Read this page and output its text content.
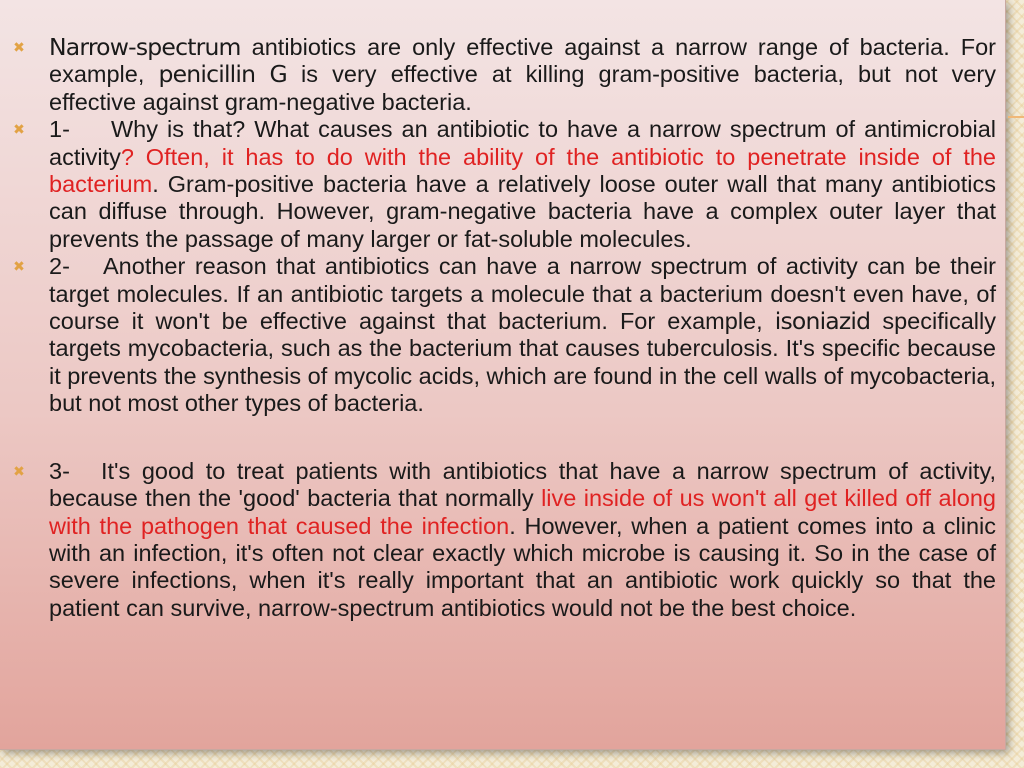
✖ Narrow-spectrum antibiotics are only effective against a narrow range of bacteria. For example, penicillin G is very effective at killing gram-positive bacteria, but not very effective against gram-negative bacteria.
✖ 1- Why is that? What causes an antibiotic to have a narrow spectrum of antimicrobial activity? Often, it has to do with the ability of the antibiotic to penetrate inside of the bacterium. Gram-positive bacteria have a relatively loose outer wall that many antibiotics can diffuse through. However, gram-negative bacteria have a complex outer layer that prevents the passage of many larger or fat-soluble molecules.
✖ 2- Another reason that antibiotics can have a narrow spectrum of activity can be their target molecules. If an antibiotic targets a molecule that a bacterium doesn't even have, of course it won't be effective against that bacterium. For example, isoniazid specifically targets mycobacteria, such as the bacterium that causes tuberculosis. It's specific because it prevents the synthesis of mycolic acids, which are found in the cell walls of mycobacteria, but not most other types of bacteria.
✖ 3- It's good to treat patients with antibiotics that have a narrow spectrum of activity, because then the 'good' bacteria that normally live inside of us won't all get killed off along with the pathogen that caused the infection. However, when a patient comes into a clinic with an infection, it's often not clear exactly which microbe is causing it. So in the case of severe infections, when it's really important that an antibiotic work quickly so that the patient can survive, narrow-spectrum antibiotics would not be the best choice.
